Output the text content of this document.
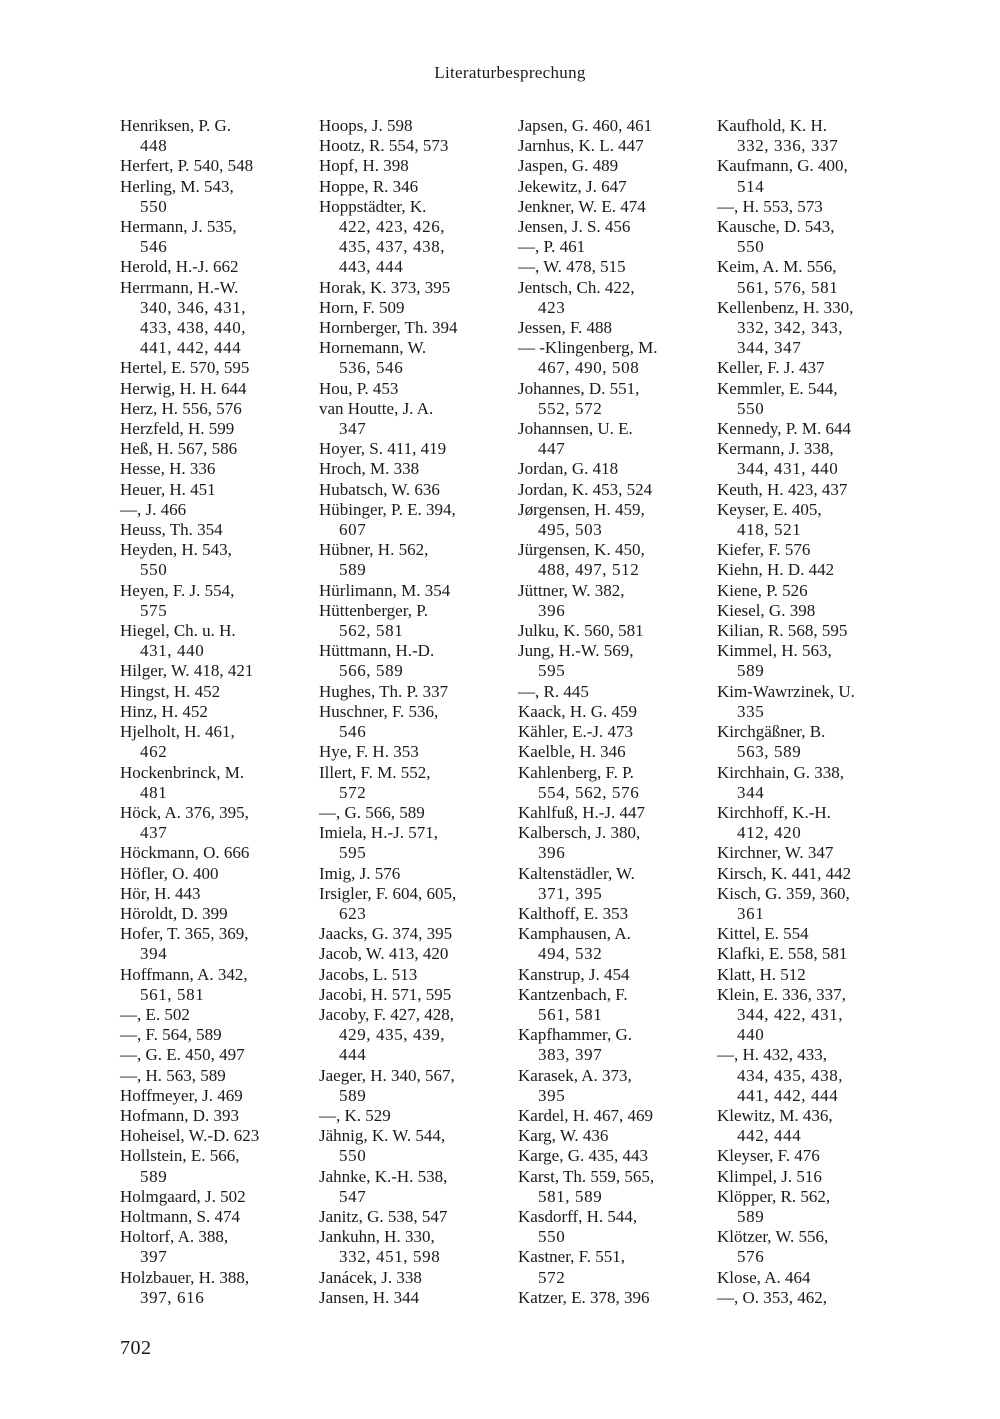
Literaturbesprechung
Henriksen, P. G.
448
Herfert, P. 540, 548
Herling, M. 543,
550
Hermann, J. 535,
546
Herold, H.-J. 662
Herrmann, H.-W.
340, 346, 431,
433, 438, 440,
441, 442, 444
Hertel, E. 570, 595
Herwig, H. H. 644
Herz, H. 556, 576
Herzfeld, H. 599
Heß, H. 567, 586
Hesse, H. 336
Heuer, H. 451
—, J. 466
Heuss, Th. 354
Heyden, H. 543,
550
Heyen, F. J. 554,
575
Hiegel, Ch. u. H.
431, 440
Hilger, W. 418, 421
Hingst, H. 452
Hinz, H. 452
Hjelholt, H. 461,
462
Hockenbrinck, M.
481
Höck, A. 376, 395,
437
Höckmann, O. 666
Höfler, O. 400
Hör, H. 443
Höroldt, D. 399
Hofer, T. 365, 369,
394
Hoffmann, A. 342,
561, 581
—, E. 502
—, F. 564, 589
—, G. E. 450, 497
—, H. 563, 589
Hoffmeyer, J. 469
Hofmann, D. 393
Hoheisel, W.-D. 623
Hollstein, E. 566,
589
Holmgaard, J. 502
Holtmann, S. 474
Holtorf, A. 388,
397
Holzbauer, H. 388,
397, 616
Hoops, J. 598
Hootz, R. 554, 573
Hopf, H. 398
Hoppe, R. 346
Hoppstädter, K.
422, 423, 426,
435, 437, 438,
443, 444
Horak, K. 373, 395
Horn, F. 509
Hornberger, Th. 394
Hornemann, W.
536, 546
Hou, P. 453
van Houtte, J. A.
347
Hoyer, S. 411, 419
Hroch, M. 338
Hubatsch, W. 636
Hübinger, P. E. 394,
607
Hübner, H. 562,
589
Hürlimann, M. 354
Hüttenberger, P.
562, 581
Hüttmann, H.-D.
566, 589
Hughes, Th. P. 337
Huschner, F. 536,
546
Hye, F. H. 353
Illert, F. M. 552,
572
—, G. 566, 589
Imiela, H.-J. 571,
595
Imig, J. 576
Irsigler, F. 604, 605,
623
Jaacks, G. 374, 395
Jacob, W. 413, 420
Jacobs, L. 513
Jacobi, H. 571, 595
Jacoby, F. 427, 428,
429, 435, 439,
444
Jaeger, H. 340, 567,
589
—, K. 529
Jähnig, K. W. 544,
550
Jahnke, K.-H. 538,
547
Janitz, G. 538, 547
Jankuhn, H. 330,
332, 451, 598
Janácek, J. 338
Jansen, H. 344
Japsen, G. 460, 461
Jarnhus, K. L. 447
Jaspen, G. 489
Jekewitz, J. 647
Jenkner, W. E. 474
Jensen, J. S. 456
—, P. 461
—, W. 478, 515
Jentsch, Ch. 422,
423
Jessen, F. 488
— -Klingenberg, M.
467, 490, 508
Johannes, D. 551,
552, 572
Johannsen, U. E.
447
Jordan, G. 418
Jordan, K. 453, 524
Jørgensen, H. 459,
495, 503
Jürgensen, K. 450,
488, 497, 512
Jüttner, W. 382,
396
Julku, K. 560, 581
Jung, H.-W. 569,
595
—, R. 445
Kaack, H. G. 459
Kähler, E.-J. 473
Kaelble, H. 346
Kahlenberg, F. P.
554, 562, 576
Kahlfuß, H.-J. 447
Kalbersch, J. 380,
396
Kaltenstädler, W.
371, 395
Kalthoff, E. 353
Kamphausen, A.
494, 532
Kanstrup, J. 454
Kantzenbach, F.
561, 581
Kapfhammer, G.
383, 397
Karasek, A. 373,
395
Kardel, H. 467, 469
Karg, W. 436
Karge, G. 435, 443
Karst, Th. 559, 565,
581, 589
Kasdorff, H. 544,
550
Kastner, F. 551,
572
Katzer, E. 378, 396
Kaufhold, K. H.
332, 336, 337
Kaufmann, G. 400,
514
—, H. 553, 573
Kausche, D. 543,
550
Keim, A. M. 556,
561, 576, 581
Kellenbenz, H. 330,
332, 342, 343,
344, 347
Keller, F. J. 437
Kemmler, E. 544,
550
Kennedy, P. M. 644
Kermann, J. 338,
344, 431, 440
Keuth, H. 423, 437
Keyser, E. 405,
418, 521
Kiefer, F. 576
Kiehn, H. D. 442
Kiene, P. 526
Kiesel, G. 398
Kilian, R. 568, 595
Kimmel, H. 563,
589
Kim-Wawrzinek, U.
335
Kirchgäßner, B.
563, 589
Kirchhain, G. 338,
344
Kirchhoff, K.-H.
412, 420
Kirchner, W. 347
Kirsch, K. 441, 442
Kisch, G. 359, 360,
361
Kittel, E. 554
Klafki, E. 558, 581
Klatt, H. 512
Klein, E. 336, 337,
344, 422, 431,
440
—, H. 432, 433,
434, 435, 438,
441, 442, 444
Klewitz, M. 436,
442, 444
Kleyser, F. 476
Klimpel, J. 516
Klöpper, R. 562,
589
Klötzer, W. 556,
576
Klose, A. 464
—, O. 353, 462,
702
